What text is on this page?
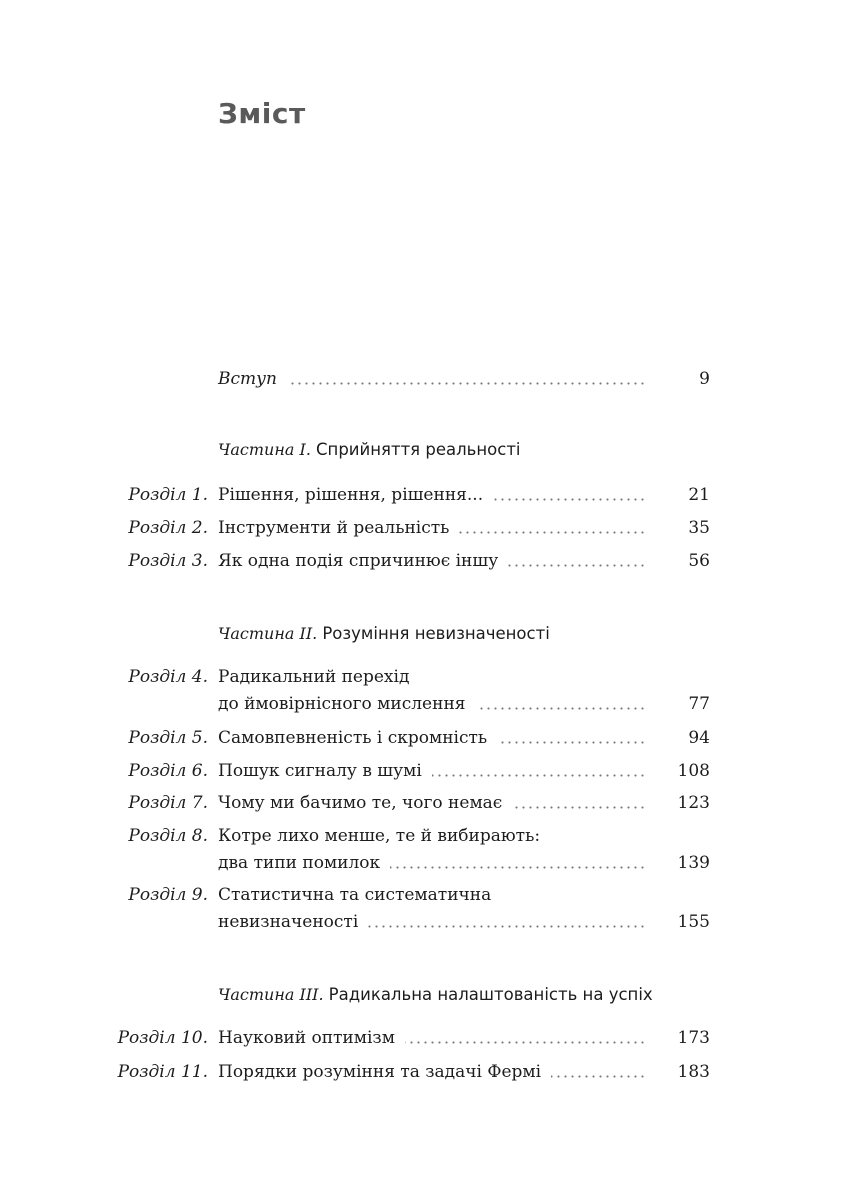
Зміст
Вступ	9
Частина I. Сприйняття реальності
Розділ 1. Рішення, рішення, рішення...	21
Розділ 2. Інструменти й реальність	35
Розділ 3. Як одна подія спричинює іншу	56
Частина II. Розуміння невизначеності
Розділ 4. Радикальний перехід
до ймовірнісного мислення	77
Розділ 5. Самовпевненість і скромність	94
Розділ 6. Пошук сигналу в шумі	108
Розділ 7. Чому ми бачимо те, чого немає	123
Розділ 8. Котре лихо менше, те й вибирають:
два типи помилок	139
Розділ 9. Статистична та систематична
невизначеності	155
Частина III. Радикальна налаштованість на успіх
Розділ 10. Науковий оптимізм	173
Розділ 11. Порядки розуміння та задачі Фермі	183
